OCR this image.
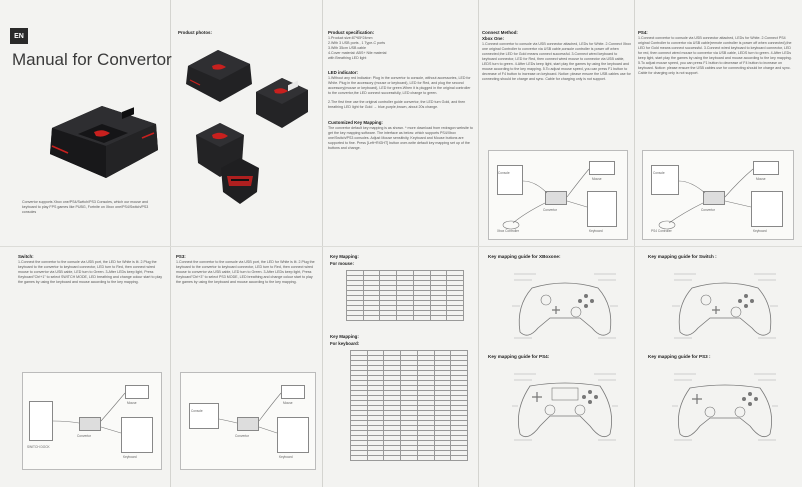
EN
Manual for Convertor
Convertor supports Xbox one/PS4/Switch/PS3 Consoles, which our mouse and keyboard to play FPS games like PUBG, Fortnite on Xbox one/PS4/Switch/PS3 consoles
Product photos:	Product specification:
1.Product size:87*65*24mm
2.With 3 USB ports , 1 Type-C ports
3.With 35cm USB cable
4.Cover material: ABS+ Nile material
with Breathing LED light
LED indicator:
1.Without any red indicator: Plug in the convertor to console, without accessories, LED for White. Plug in the accessory (mouse or keyboard), LED for Red, and plug the second accessory(mouse or keyboard), LED for green.When it is plugged in the original controller to the convertor,the LED connect successfully, LED change to green.
2.The first time use the original controller guide convertor, the LED turn Gold, and then breathing LED light for Gold → blue,purple,brown, about 20s change.
Customized Key Mapping:
The convertor default key mapping is as shown. * more download from redragon website to get the key mapping software. The interface as below: which supports PS4/Xbox one/Switch/PS3 consoles. Adjust Mouse sensitivity, Keyboard and Mouse buttons are supported to fine. Press [Left+RIGHT] button over-write default key mapping set up of the buttons and change.
Connect Method:
Xbox One:
1.Connect convertor to console via USB connector attached, LEDs for White. 2.Connect Xbox one original Controller to convertor via USB cable,console controller is power off when connected,the LED for Gold means connect successful. 3.Connect wired keyboard to keyboard connector, LED for Red, then connect wired mouse to connector via USB cable, LEDS turn to green. 4.After LEDs keep light, start play the games by using the keyboard and mouse according to the key mapping. 5.To adjust mouse speed, you can press F1 button to decrease of F4 button to increase on keyboard. Notice: please ensure the USB cables use for connecting should be charge and sync. Cable for charging only is not support.
PS4:
1.Connect convertor to console via USB connector attached, LEDs for White. 2.Connect PS4 original Controller to convertor via USB cable(remote controller is power off when connected),the LED for Gold means connect successful. 3.Connect wired keyboard to keyboard connector, LED for red, then connect wired mouse to convertor via USB cable, LEDS turn to green. 4.After LEDs keep light, start play the games by using the keyboard and mouse according to the key mapping. 5.To adjust mouse speed, you can press F1 button to decrease of F4 button to increase on keyboard. Notice: please ensure the USB cables use for connecting should be charge and sync. Cable for charging only is not support.
Console
Convertor
Mouse
Keyboard
Xbox Controller
Console
Convertor
Mouse
Keyboard
PS4 Controller
Switch:
1.Connect the convertor to the console via USB port, the LED for White is lit. 2.Plug the keyboard to the convertor to keyboard connector, LED turn to Red, then connect wired mouse to convertor via USB cable, LED turn to Green. 3.After LEDs keep light, Press Keyboard"Ctrl+1" to select SWITCH MODE, LED breathing and change colour start to play the games by using the keyboard and mouse according to the key mapping.
SWITCH DOCK
Convertor
Mouse
Keyboard
PS3:
1.Connect the convertor to the console via USB port, the LED for White is lit. 2.Plug the keyboard to the convertor to keyboard connector, LED turn to Red, then connect wired mouse to convertor via USB cable, LED turn to Green. 3.After LEDs keep light, Press Keyboard"Ctrl+3" to select PS3 MODE, LED breathing and change colour start to play the games by using the keyboard and mouse according to the key mapping.
Console
Convertor
Mouse
Keyboard
Key Mapping:
For mouse:

Key Mapping:
For keyboard:

Key mapping guide for XBoxone:	Key mapping guide for Switch :
Key mapping guide for PS4:	Key mapping guide for PS3 :
